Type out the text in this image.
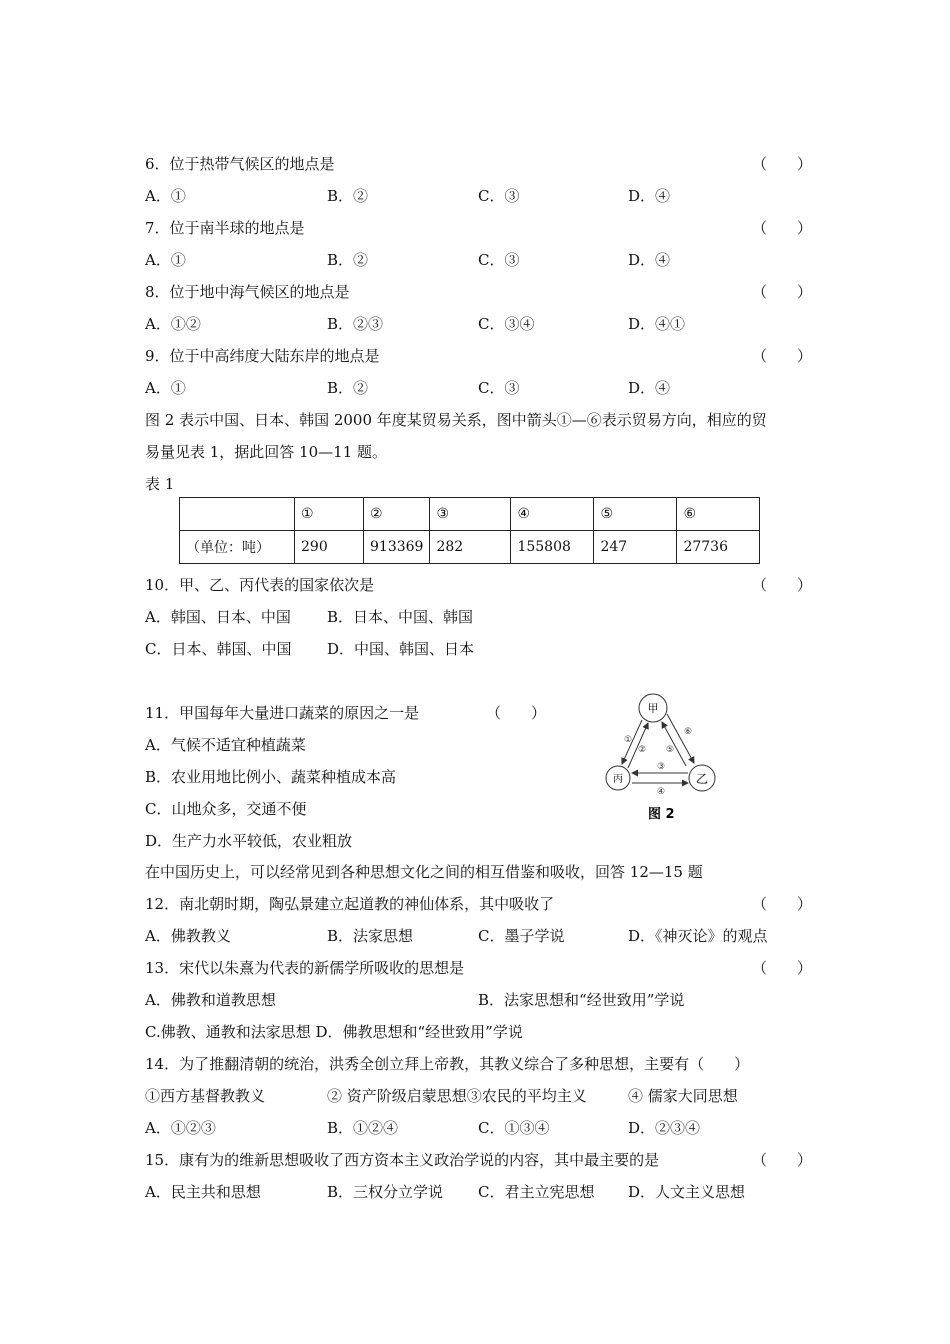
6．位于热带气候区的地点是	（　　）
A．①	B．②	C．③	D．④
7．位于南半球的地点是	（　　）
A．①	B．②	C．③	D．④
8．位于地中海气候区的地点是	（　　）
A．①②	B．②③	C．③④	D．④①
9．位于中高纬度大陆东岸的地点是	（　　）
A．①	B．②	C．③	D．④
图 2 表示中国、日本、韩国 2000 年度某贸易关系，图中箭头①—⑥表示贸易方向，相应的贸
易量见表 1，据此回答 10—11 题。
表 1
	①	②	③	④	⑤	⑥
（单位：吨）	290	913369	282	155808	247	27736
10．甲、乙、丙代表的国家依次是	（　　）
A．韩国、日本、中国 B．日本、中国、韩国
C．日本、韩国、中国 D．中国、韩国、日本
11．甲国每年大量进口蔬菜的原因之一是	（　　）
A．气候不适宜种植蔬菜
B．农业用地比例小、蔬菜种植成本高
C．山地众多，交通不便
D．生产力水平较低，农业粗放
甲
丙	乙
①
②
③
④
⑤
⑥
图 2
在中国历史上，可以经常见到各种思想文化之间的相互借鉴和吸收，回答 12—15 题
12．南北朝时期，陶弘景建立起道教的神仙体系，其中吸收了	（　　）
A．佛教教义	B．法家思想	C．墨子学说	D．《神灭论》的观点
13．宋代以朱熹为代表的新儒学所吸收的思想是	（　　）
A．佛教和道教思想	B．法家思想和“经世致用”学说
C.佛教、通教和法家思想 D．佛教思想和“经世致用”学说
14．为了推翻清朝的统治，洪秀全创立拜上帝教，其教义综合了多种思想，主要有（　　）
①西方基督教教义	② 资产阶级启蒙思想③农民的平均主义	④ 儒家大同思想
A．①②③	B．①②④	C．①③④	D．②③④
15．康有为的维新思想吸收了西方资本主义政治学说的内容，其中最主要的是	（　　）
A．民主共和思想	B．三权分立学说 C．君主立宪思想 D．人文主义思想
